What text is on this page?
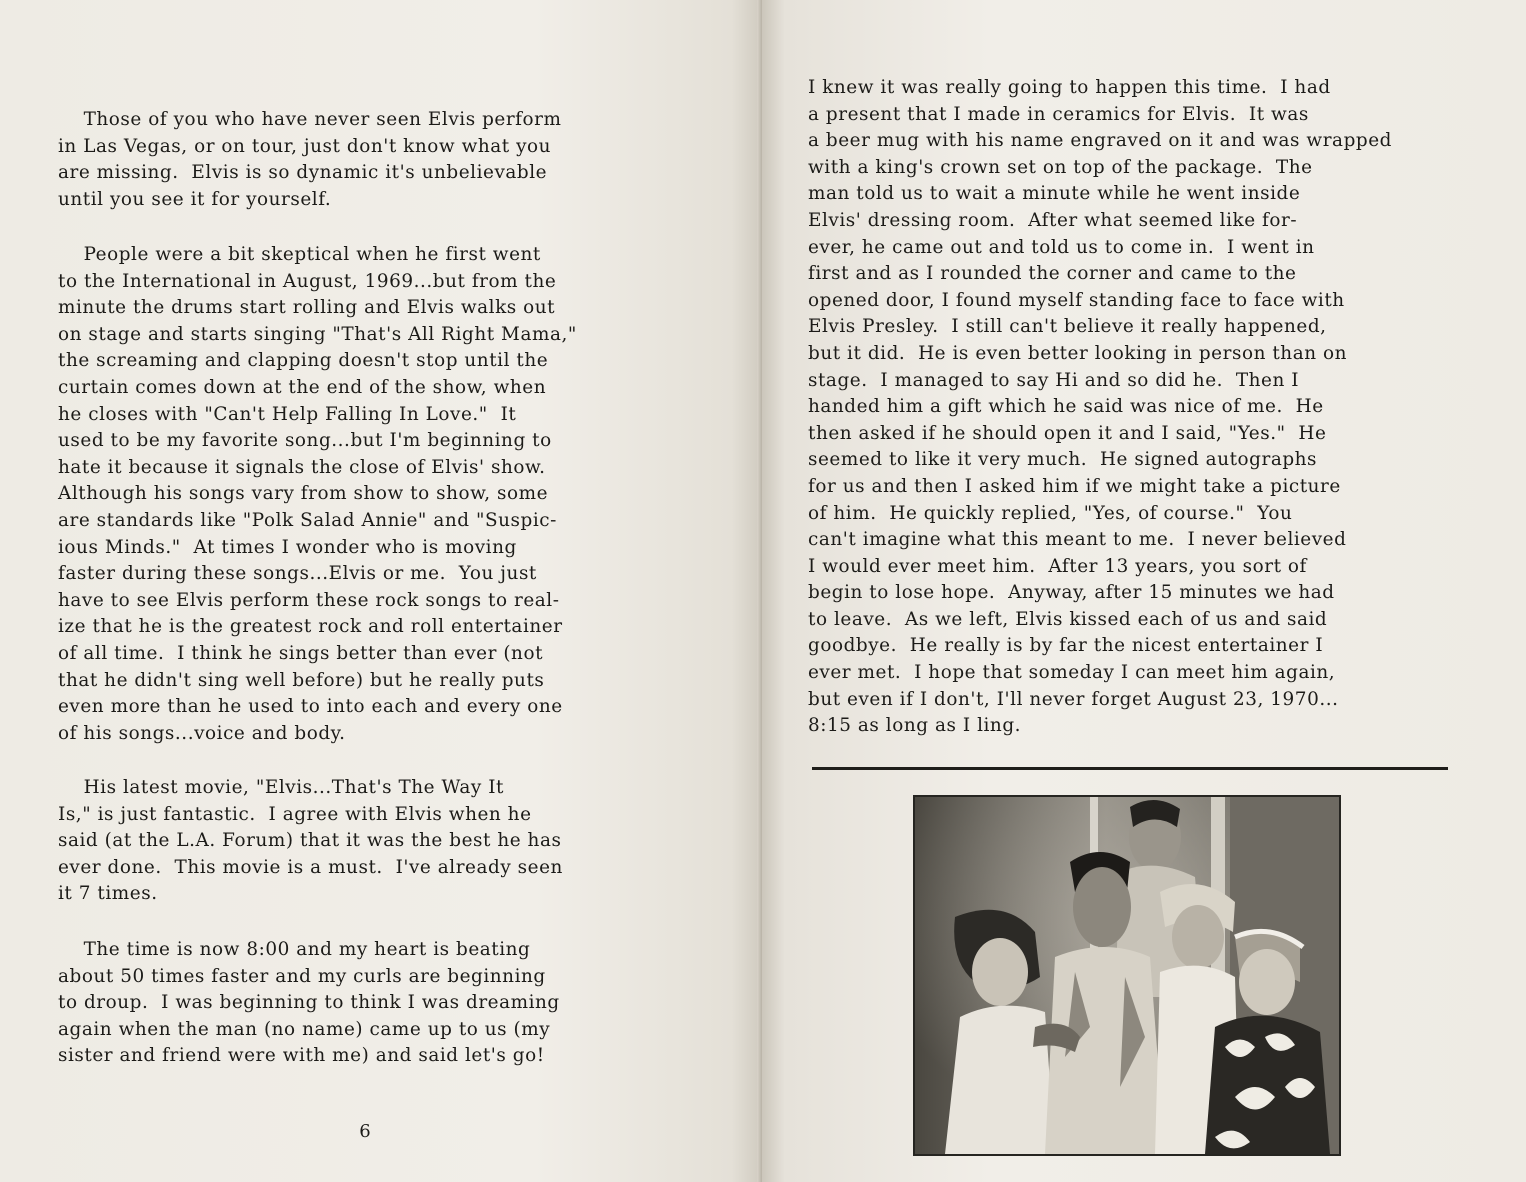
Those of you who have never seen Elvis perform
in Las Vegas, or on tour, just don't know what you
are missing.  Elvis is so dynamic it's unbelievable
until you see it for yourself.
People were a bit skeptical when he first went
to the International in August, 1969...but from the
minute the drums start rolling and Elvis walks out
on stage and starts singing "That's All Right Mama,"
the screaming and clapping doesn't stop until the
curtain comes down at the end of the show, when
he closes with "Can't Help Falling In Love."  It
used to be my favorite song...but I'm beginning to
hate it because it signals the close of Elvis' show.
Although his songs vary from show to show, some
are standards like "Polk Salad Annie" and "Suspic-
ious Minds."  At times I wonder who is moving
faster during these songs...Elvis or me.  You just
have to see Elvis perform these rock songs to real-
ize that he is the greatest rock and roll entertainer
of all time.  I think he sings better than ever (not
that he didn't sing well before) but he really puts
even more than he used to into each and every one
of his songs...voice and body.
His latest movie, "Elvis...That's The Way It
Is," is just fantastic.  I agree with Elvis when he
said (at the L.A. Forum) that it was the best he has
ever done.  This movie is a must.  I've already seen
it 7 times.
The time is now 8:00 and my heart is beating
about 50 times faster and my curls are beginning
to droup.  I was beginning to think I was dreaming
again when the man (no name) came up to us (my
sister and friend were with me) and said let's go!
6
I knew it was really going to happen this time.  I had
a present that I made in ceramics for Elvis.  It was
a beer mug with his name engraved on it and was wrapped
with a king's crown set on top of the package.  The
man told us to wait a minute while he went inside
Elvis' dressing room.  After what seemed like for-
ever, he came out and told us to come in.  I went in
first and as I rounded the corner and came to the
opened door, I found myself standing face to face with
Elvis Presley.  I still can't believe it really happened,
but it did.  He is even better looking in person than on
stage.  I managed to say Hi and so did he.  Then I
handed him a gift which he said was nice of me.  He
then asked if he should open it and I said, "Yes."  He
seemed to like it very much.  He signed autographs
for us and then I asked him if we might take a picture
of him.  He quickly replied, "Yes, of course."  You
can't imagine what this meant to me.  I never believed
I would ever meet him.  After 13 years, you sort of
begin to lose hope.  Anyway, after 15 minutes we had
to leave.  As we left, Elvis kissed each of us and said
goodbye.  He really is by far the nicest entertainer I
ever met.  I hope that someday I can meet him again,
but even if I don't, I'll never forget August 23, 1970...
8:15 as long as I ling.
